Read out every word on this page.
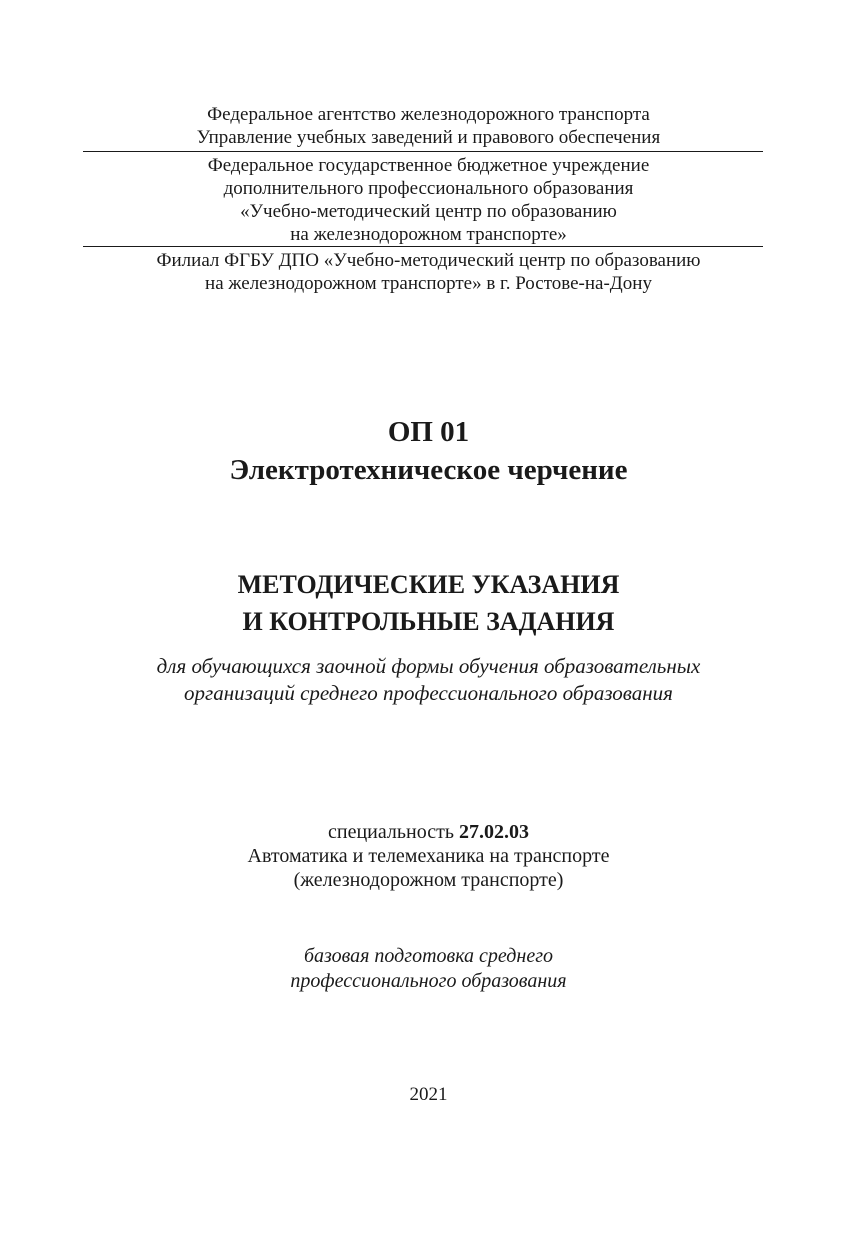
Федеральное агентство железнодорожного транспорта
Управление учебных заведений и правового обеспечения
Федеральное государственное бюджетное учреждение
дополнительного профессионального образования
«Учебно-методический центр по образованию
на железнодорожном транспорте»
Филиал ФГБУ ДПО «Учебно-методический центр по образованию
на железнодорожном транспорте» в г. Ростове-на-Дону
ОП 01
Электротехническое черчение
МЕТОДИЧЕСКИЕ УКАЗАНИЯ
И КОНТРОЛЬНЫЕ ЗАДАНИЯ
для обучающихся заочной формы обучения образовательных
организаций среднего профессионального образования
специальность 27.02.03
Автоматика и телемеханика на транспорте
(железнодорожном транспорте)
базовая подготовка среднего
профессионального образования
2021
